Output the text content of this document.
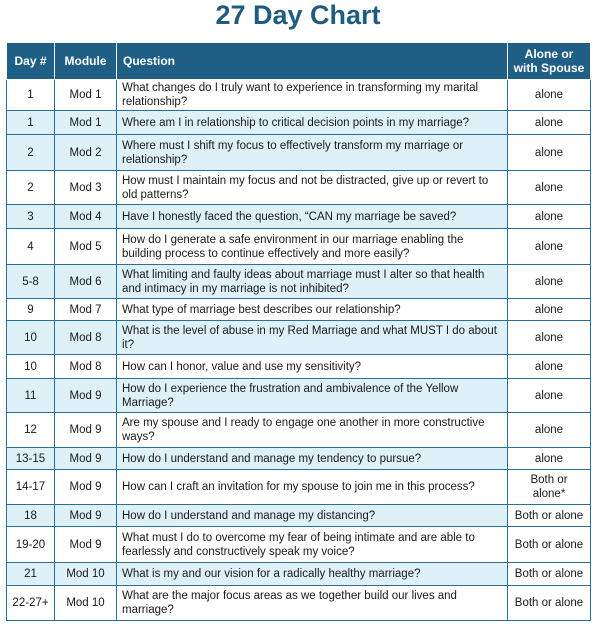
27 Day Chart
Day #	Module	Question	Alone or with Spouse
1	Mod 1	What changes do I truly want to experience in transforming my marital relationship?	alone
1	Mod 1	Where am I in relationship to critical decision points in my marriage?	alone
2	Mod 2	Where must I shift my focus to effectively transform my marriage or relationship?	alone
2	Mod 3	How must I maintain my focus and not be distracted, give up or revert to old patterns?	alone
3	Mod 4	Have I honestly faced the question, “CAN my marriage be saved?	alone
4	Mod 5	How do I generate a safe environment in our marriage enabling the building process to continue effectively and more easily?	alone
5-8	Mod 6	What limiting and faulty ideas about marriage must I alter so that health and intimacy in my marriage is not inhibited?	alone
9	Mod 7	What type of marriage best describes our relationship?	alone
10	Mod 8	What is the level of abuse in my Red Marriage and what MUST I do about it?	alone
10	Mod 8	How can I honor, value and use my sensitivity?	alone
11	Mod 9	How do I experience the frustration and ambivalence of the Yellow Marriage?	alone
12	Mod 9	Are my spouse and I ready to engage one another in more constructive ways?	alone
13-15	Mod 9	How do I understand and manage my tendency to pursue?	alone
14-17	Mod 9	How can I craft an invitation for my spouse to join me in this process?	Both or alone*
18	Mod 9	How do I understand and manage my distancing?	Both or alone
19-20	Mod 9	What must I do to overcome my fear of being intimate and are able to fearlessly and constructively speak my voice?	Both or alone
21	Mod 10	What is my and our vision for a radically healthy marriage?	Both or alone
22-27+	Mod 10	What are the major focus areas as we together build our lives and marriage?	Both or alone
